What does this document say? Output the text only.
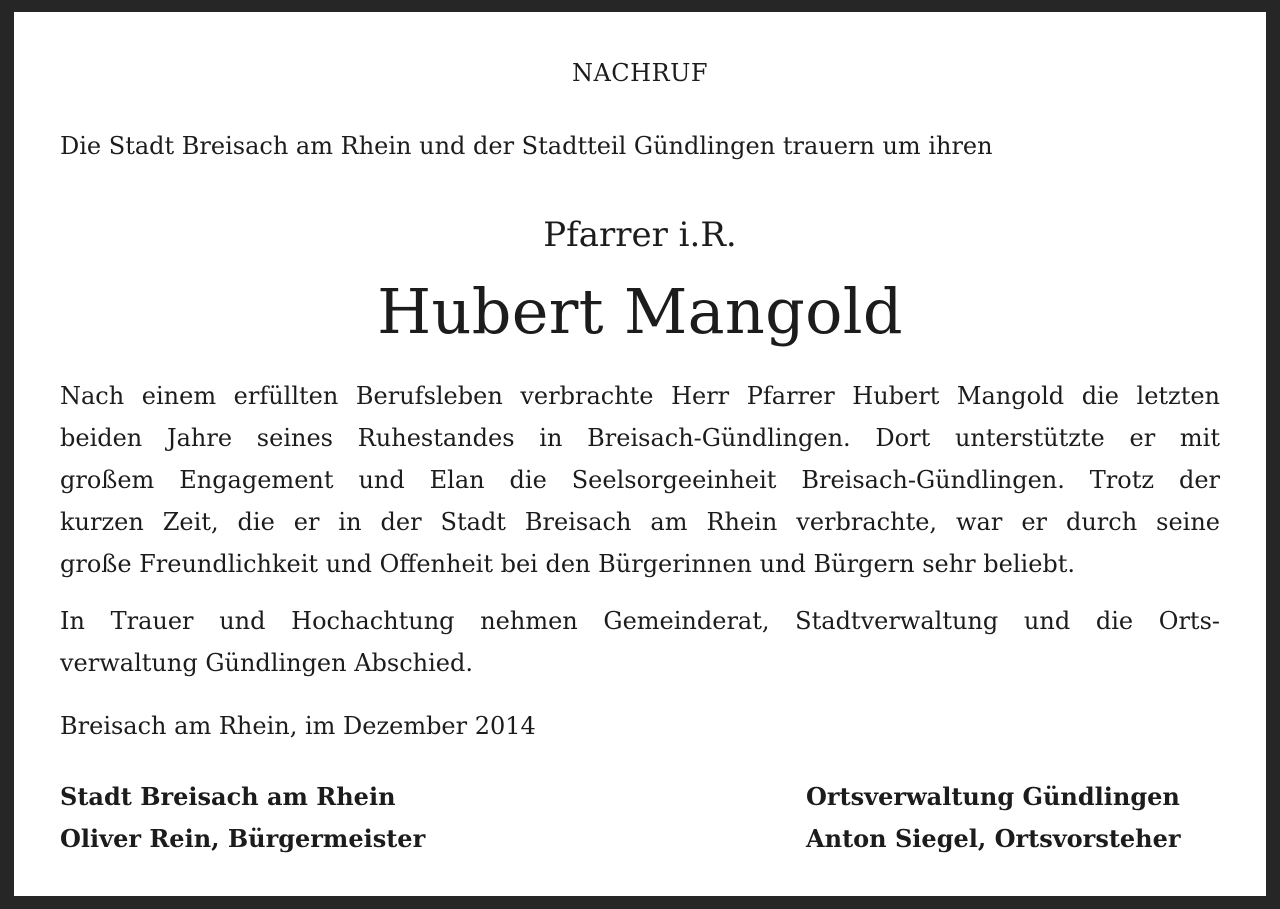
NACHRUF
Die Stadt Breisach am Rhein und der Stadtteil Gündlingen trauern um ihren
Pfarrer i.R.
Hubert Mangold
Nach einem erfüllten Berufsleben verbrachte Herr Pfarrer Hubert Mangold die letzten
beiden Jahre seines Ruhestandes in Breisach-Gündlingen. Dort unterstützte er mit
großem Engagement und Elan die Seelsorgeeinheit Breisach-Gündlingen. Trotz der
kurzen Zeit, die er in der Stadt Breisach am Rhein verbrachte, war er durch seine
große Freundlichkeit und Offenheit bei den Bürgerinnen und Bürgern sehr beliebt.
In Trauer und Hochachtung nehmen Gemeinderat, Stadtverwaltung und die Orts-
verwaltung Gündlingen Abschied.
Breisach am Rhein, im Dezember 2014
Stadt Breisach am Rhein
Oliver Rein, Bürgermeister
Ortsverwaltung Gündlingen
Anton Siegel, Ortsvorsteher
